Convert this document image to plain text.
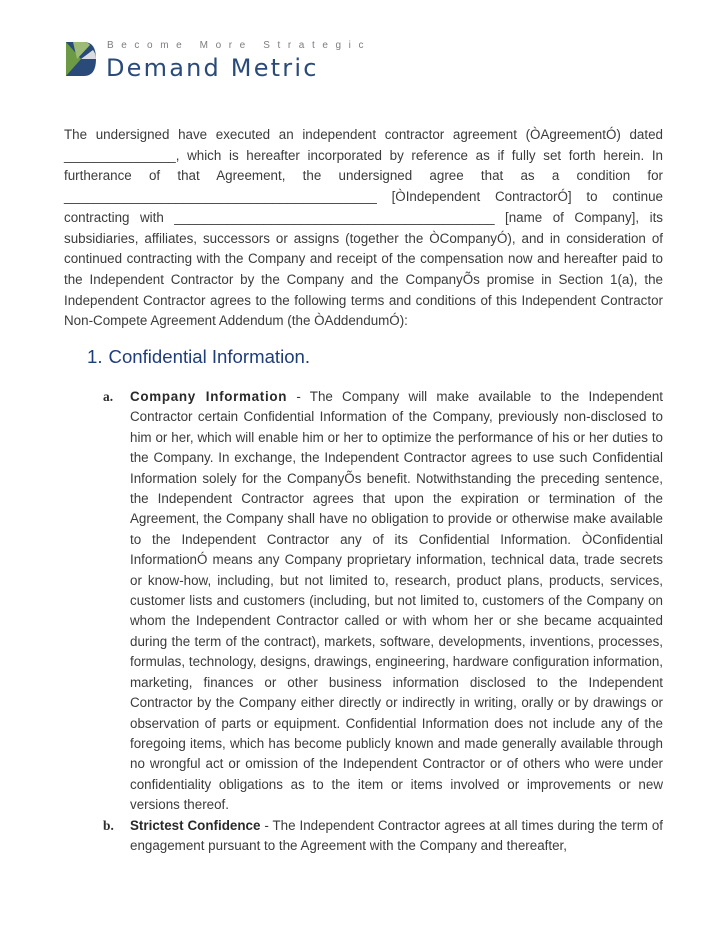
Become More Strategic
Demand Metric

The undersigned have executed an independent contractor agreement (ÒAgreementÓ) dated _______________, which is hereafter incorporated by reference as if fully set forth herein. In furtherance of that Agreement, the undersigned agree that as a condition for __________________________________________ [ÒIndependent ContractorÓ] to continue contracting with ___________________________________________ [name of Company], its subsidiaries, affiliates, successors or assigns (together the ÒCompanyÓ), and in consideration of continued contracting with the Company and receipt of the compensation now and hereafter paid to the Independent Contractor by the Company and the CompanyÕs promise in Section 1(a), the Independent Contractor agrees to the following terms and conditions of this Independent Contractor Non-Compete Agreement Addendum (the ÒAddendumÓ):

1. Confidential Information.
a. Company Information - The Company will make available to the Independent Contractor certain Confidential Information of the Company, previously non-disclosed to him or her, which will enable him or her to optimize the performance of his or her duties to the Company. In exchange, the Independent Contractor agrees to use such Confidential Information solely for the CompanyÕs benefit. Notwithstanding the preceding sentence, the Independent Contractor agrees that upon the expiration or termination of the Agreement, the Company shall have no obligation to provide or otherwise make available to the Independent Contractor any of its Confidential Information. ÒConfidential InformationÓ means any Company proprietary information, technical data, trade secrets or know-how, including, but not limited to, research, product plans, products, services, customer lists and customers (including, but not limited to, customers of the Company on whom the Independent Contractor called or with whom her or she became acquainted during the term of the contract), markets, software, developments, inventions, processes, formulas, technology, designs, drawings, engineering, hardware configuration information, marketing, finances or other business information disclosed to the Independent Contractor by the Company either directly or indirectly in writing, orally or by drawings or observation of parts or equipment. Confidential Information does not include any of the foregoing items, which has become publicly known and made generally available through no wrongful act or omission of the Independent Contractor or of others who were under confidentiality obligations as to the item or items involved or improvements or new versions thereof.
b. Strictest Confidence - The Independent Contractor agrees at all times during the term of engagement pursuant to the Agreement with the Company and thereafter,
